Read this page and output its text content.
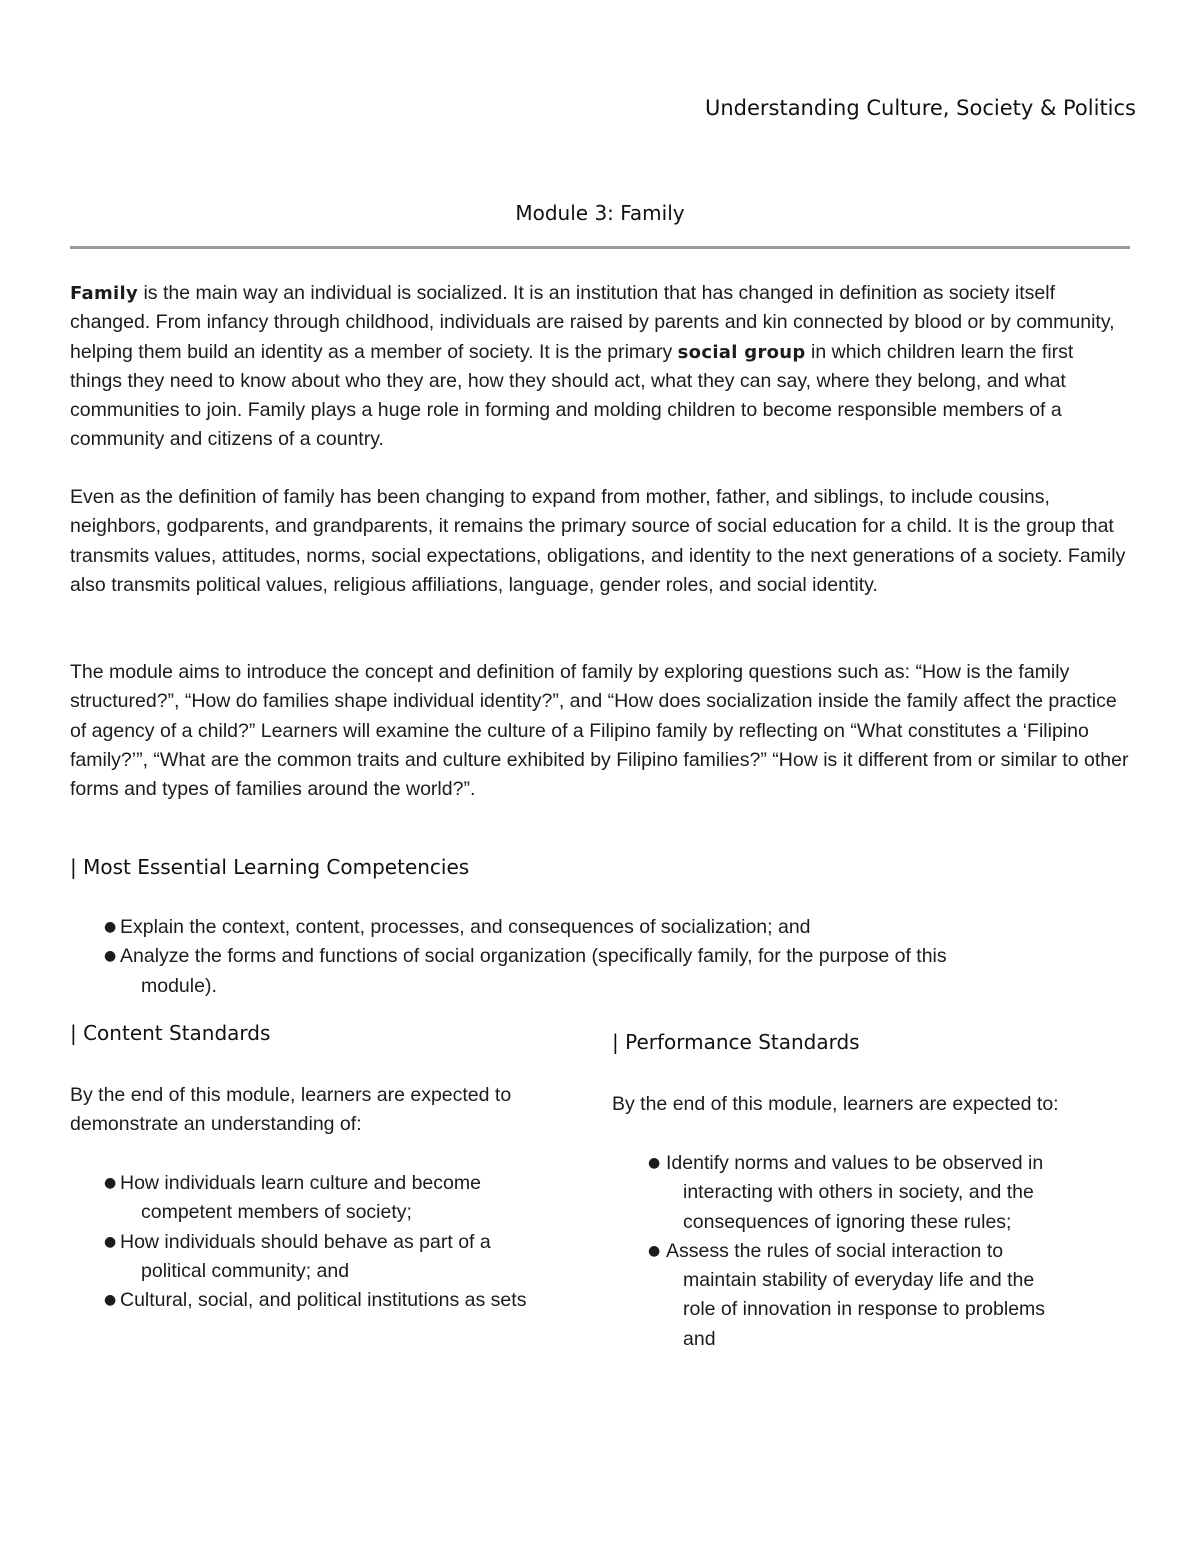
Understanding Culture, Society & Politics
Module 3: Family

Family is the main way an individual is socialized. It is an institution that has changed in definition as society itself changed. From infancy through childhood, individuals are raised by parents and kin connected by blood or by community, helping them build an identity as a member of society. It is the primary social group in which children learn the first things they need to know about who they are, how they should act, what they can say, where they belong, and what communities to join. Family plays a huge role in forming and molding children to become responsible members of a community and citizens of a country.

Even as the definition of family has been changing to expand from mother, father, and siblings, to include cousins, neighbors, godparents, and grandparents, it remains the primary source of social education for a child. It is the group that transmits values, attitudes, norms, social expectations, obligations, and identity to the next generations of a society. Family also transmits political values, religious affiliations, language, gender roles, and social identity.

The module aims to introduce the concept and definition of family by exploring questions such as: “How is the family structured?”, “How do families shape individual identity?”, and “How does socialization inside the family affect the practice of agency of a child?” Learners will examine the culture of a Filipino family by reflecting on “What constitutes a ‘Filipino family?’”, “What are the common traits and culture exhibited by Filipino families?” “How is it different from or similar to other forms and types of families around the world?”.

| Most Essential Learning Competencies
● Explain the context, content, processes, and consequences of socialization; and
● Analyze the forms and functions of social organization (specifically family, for the purpose of this
module).
| Content Standards

By the end of this module, learners are expected to demonstrate an understanding of:

● How individuals learn culture and become
competent members of society;
● How individuals should behave as part of a
political community; and
● Cultural, social, and political institutions as sets
| Performance Standards

By the end of this module, learners are expected to:

● Identify norms and values to be observed in
interacting with others in society, and the
consequences of ignoring these rules;
● Assess the rules of social interaction to
maintain stability of everyday life and the
role of innovation in response to problems
and
